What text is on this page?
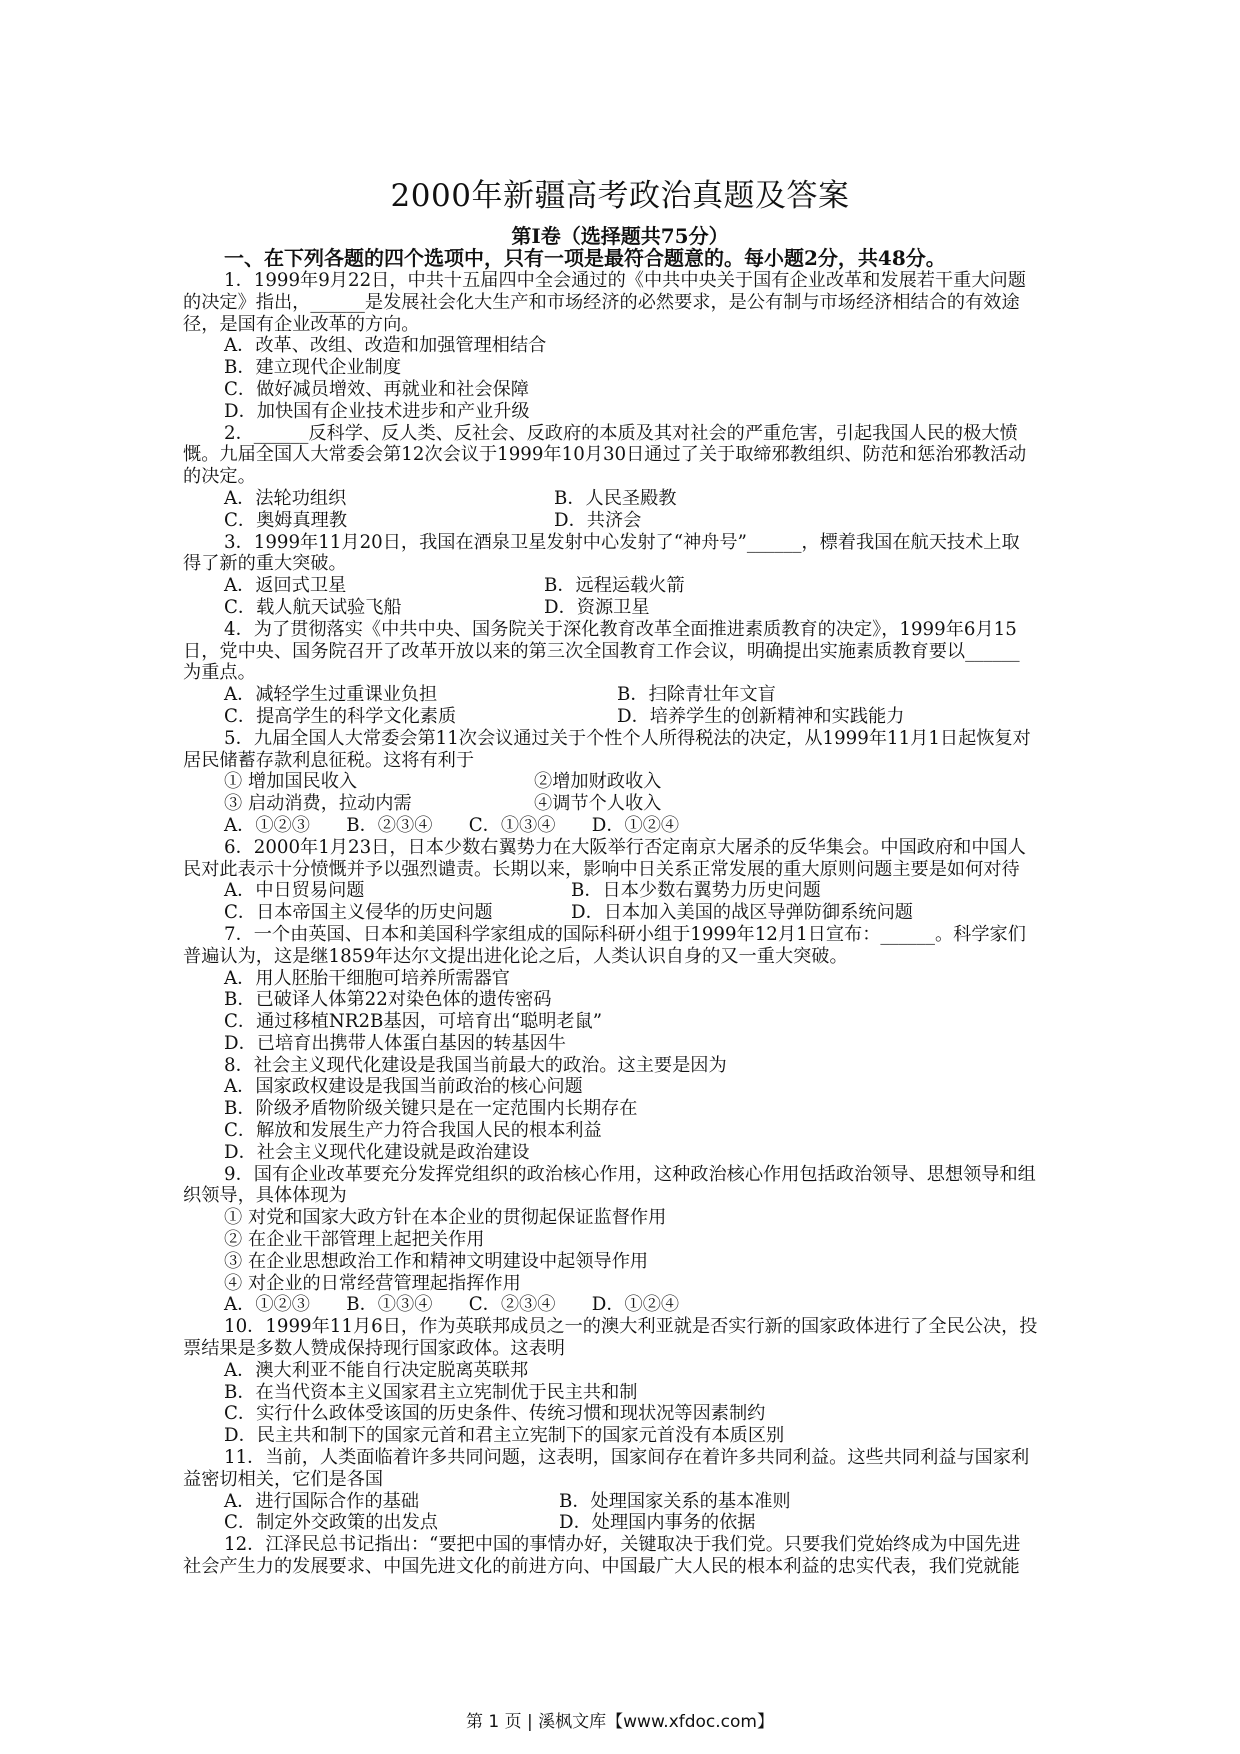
2000年新疆高考政治真题及答案
第Ⅰ卷（选择题共75分）
一、在下列各题的四个选项中，只有一项是最符合题意的。每小题2分，共48分。
1．1999年9月22日，中共十五届四中全会通过的《中共中央关于国有企业改革和发展若干重大问题
的决定》指出，______是发展社会化大生产和市场经济的必然要求，是公有制与市场经济相结合的有效途
径，是国有企业改革的方向。
A．改革、改组、改造和加强管理相结合
B．建立现代企业制度
C．做好减员增效、再就业和社会保障
D．加快国有企业技术进步和产业升级
2．______反科学、反人类、反社会、反政府的本质及其对社会的严重危害，引起我国人民的极大愤
慨。九届全国人大常委会第12次会议于1999年10月30日通过了关于取缔邪教组织、防范和惩治邪教活动
的决定。
A．法轮功组织	B．人民圣殿教
C．奥姆真理教	D．共济会
3．1999年11月20日，我国在酒泉卫星发射中心发射了“神舟号”______，標着我国在航天技术上取
得了新的重大突破。
A．返回式卫星	B．远程运载火箭
C．载人航天试验飞船	D．资源卫星
4．为了贯彻落实《中共中央、国务院关于深化教育改革全面推进素质教育的决定》，1999年6月15
日，党中央、国务院召开了改革开放以来的第三次全国教育工作会议，明确提出实施素质教育要以______
为重点。
A．减轻学生过重课业负担	B．扫除青壮年文盲
C．提高学生的科学文化素质	D．培养学生的创新精神和实践能力
5．九届全国人大常委会第11次会议通过关于个性个人所得税法的决定，从1999年11月1日起恢复对
居民储蓄存款利息征税。这将有利于
① 增加国民收入	②增加财政收入
③ 启动消费，拉动内需	④调节个人收入
A．①②③　　B．②③④　　C．①③④　　D．①②④
6．2000年1月23日，日本少数右翼势力在大阪举行否定南京大屠杀的反华集会。中国政府和中国人
民对此表示十分愤慨并予以强烈谴责。长期以来，影响中日关系正常发展的重大原则问题主要是如何对待
A．中日贸易问题	B．日本少数右翼势力历史问题
C．日本帝国主义侵华的历史问题	D．日本加入美国的战区导弹防御系统问题
7．一个由英国、日本和美国科学家组成的国际科研小组于1999年12月1日宣布：______。科学家们
普遍认为，这是继1859年达尔文提出进化论之后，人类认识自身的又一重大突破。
A．用人胚胎干细胞可培养所需器官
B．已破译人体第22对染色体的遗传密码
C．通过移植NR2B基因，可培育出“聪明老鼠”
D．已培育出携带人体蛋白基因的转基因牛
8．社会主义现代化建设是我国当前最大的政治。这主要是因为
A．国家政权建设是我国当前政治的核心问题
B．阶级矛盾物阶级关键只是在一定范围内长期存在
C．解放和发展生产力符合我国人民的根本利益
D．社会主义现代化建设就是政治建设
9．国有企业改革要充分发挥党组织的政治核心作用，这种政治核心作用包括政治领导、思想领导和组
织领导，具体体现为
① 对党和国家大政方针在本企业的贯彻起保证监督作用
② 在企业干部管理上起把关作用
③ 在企业思想政治工作和精神文明建设中起领导作用
④ 对企业的日常经营管理起指挥作用
A．①②③　　B．①③④　　C．②③④　　D．①②④
10．1999年11月6日，作为英联邦成员之一的澳大利亚就是否实行新的国家政体进行了全民公决，投
票结果是多数人赞成保持现行国家政体。这表明
A．澳大利亚不能自行决定脱离英联邦
B．在当代资本主义国家君主立宪制优于民主共和制
C．实行什么政体受该国的历史条件、传统习惯和现状况等因素制约
D．民主共和制下的国家元首和君主立宪制下的国家元首没有本质区别
11．当前，人类面临着许多共同问题，这表明，国家间存在着许多共同利益。这些共同利益与国家利
益密切相关，它们是各国
A．进行国际合作的基础	B．处理国家关系的基本准则
C．制定外交政策的出发点	D．处理国内事务的依据
12．江泽民总书记指出：“要把中国的事情办好，关键取决于我们党。只要我们党始终成为中国先进
社会产生力的发展要求、中国先进文化的前进方向、中国最广大人民的根本利益的忠实代表，我们党就能
第 1 页 | 溪枫文库【www.xfdoc.com】
